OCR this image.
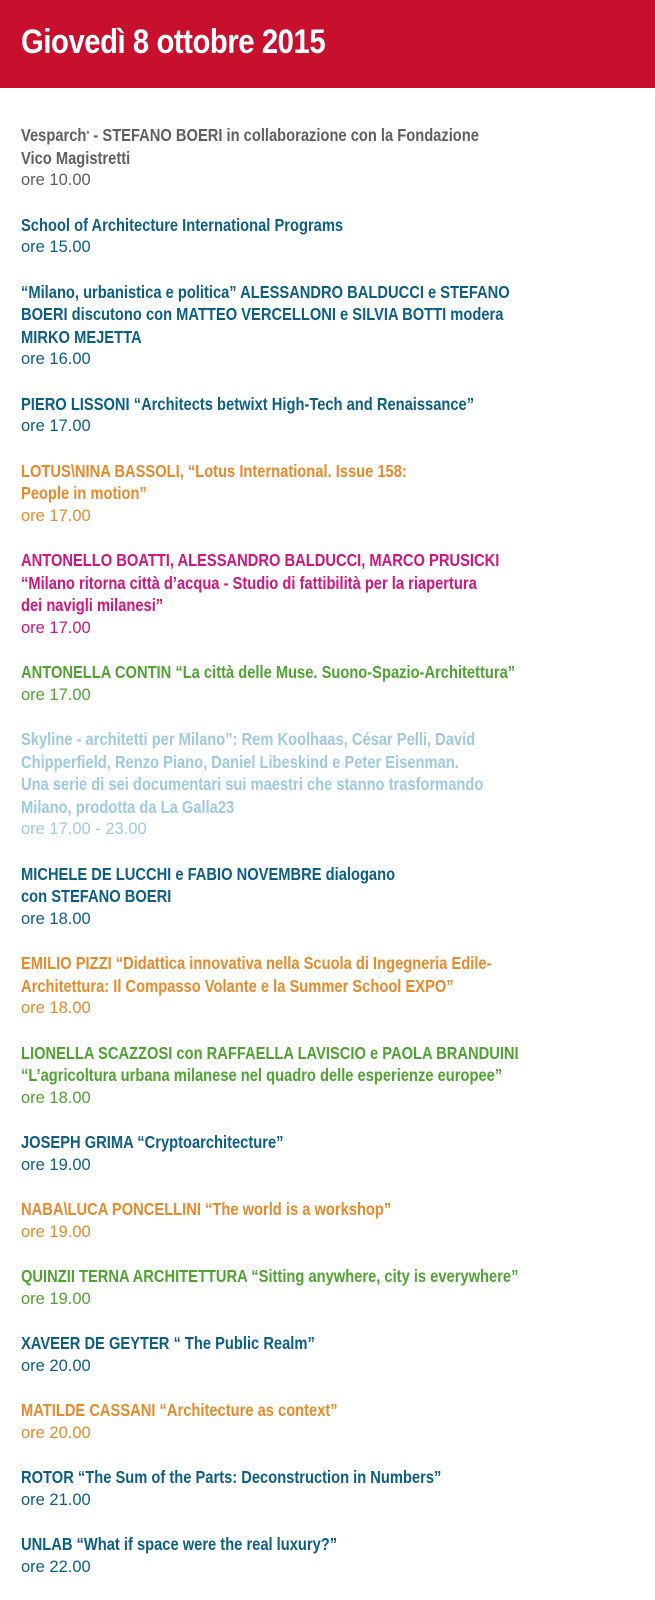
Giovedì 8 ottobre 2015
Vesparch* - STEFANO BOERI in collaborazione con la Fondazione
Vico Magistretti
ore 10.00
School of Architecture International Programs
ore 15.00
“Milano, urbanistica e politica” ALESSANDRO BALDUCCI e STEFANO
BOERI discutono con MATTEO VERCELLONI e SILVIA BOTTI modera
MIRKO MEJETTA
ore 16.00
PIERO LISSONI “Architects betwixt High-Tech and Renaissance”
ore 17.00
LOTUS\NINA BASSOLI, “Lotus International. Issue 158:
People in motion”
ore 17.00
ANTONELLO BOATTI, ALESSANDRO BALDUCCI, MARCO PRUSICKI
“Milano ritorna città d’acqua - Studio di fattibilità per la riapertura
dei navigli milanesi”
ore 17.00
ANTONELLA CONTIN “La città delle Muse. Suono-Spazio-Architettura”
ore 17.00
Skyline - architetti per Milano”: Rem Koolhaas, César Pelli, David
Chipperfield, Renzo Piano, Daniel Libeskind e Peter Eisenman.
Una serie di sei documentari sui maestri che stanno trasformando
Milano, prodotta da La Galla23
ore 17.00 - 23.00
MICHELE DE LUCCHI e FABIO NOVEMBRE dialogano
con STEFANO BOERI
ore 18.00
EMILIO PIZZI “Didattica innovativa nella Scuola di Ingegneria Edile-
Architettura: Il Compasso Volante e la Summer School EXPO”
ore 18.00
LIONELLA SCAZZOSI con RAFFAELLA LAVISCIO e PAOLA BRANDUINI
“L’agricoltura urbana milanese nel quadro delle esperienze europee”
ore 18.00
JOSEPH GRIMA “Cryptoarchitecture”
ore 19.00
NABA\LUCA PONCELLINI “The world is a workshop”
ore 19.00
QUINZII TERNA ARCHITETTURA “Sitting anywhere, city is everywhere”
ore 19.00
XAVEER DE GEYTER “ The Public Realm”
ore 20.00
MATILDE CASSANI “Architecture as context”
ore 20.00
ROTOR “The Sum of the Parts: Deconstruction in Numbers”
ore 21.00
UNLAB “What if space were the real luxury?”
ore 22.00
